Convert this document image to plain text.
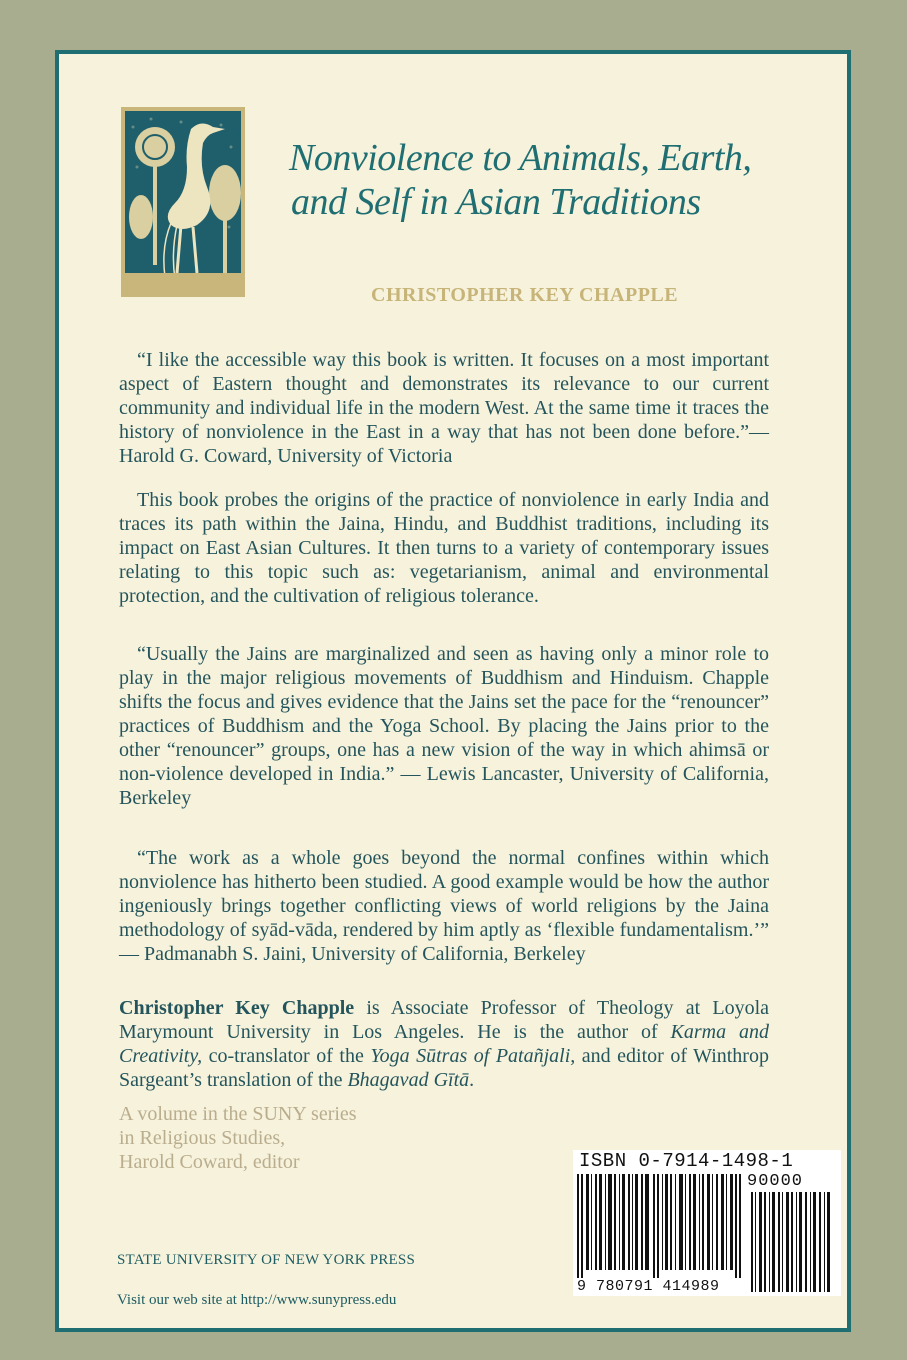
Nonviolence to Animals, Earth,
and Self in Asian Traditions
CHRISTOPHER KEY CHAPPLE

“I like the accessible way this book is written. It focuses on a most important aspect of Eastern thought and demonstrates its relevance to our current community and individual life in the modern West. At the same time it traces the history of nonviolence in the East in a way that has not been done before.”—Harold G. Coward, University of Victoria

This book probes the origins of the practice of nonviolence in early India and traces its path within the Jaina, Hindu, and Buddhist traditions, including its impact on East Asian Cultures. It then turns to a variety of contemporary issues relating to this topic such as: vegetarianism, animal and environmental protection, and the cultivation of religious tolerance.

“Usually the Jains are marginalized and seen as having only a minor role to play in the major religious movements of Buddhism and Hinduism. Chapple shifts the focus and gives evidence that the Jains set the pace for the “renouncer” practices of Buddhism and the Yoga School. By placing the Jains prior to the other “renouncer” groups, one has a new vision of the way in which ahimsā or non-violence developed in India.” — Lewis Lancaster, University of California, Berkeley

“The work as a whole goes beyond the normal confines within which nonviolence has hitherto been studied. A good example would be how the author ingeniously brings together conflicting views of world religions by the Jaina methodology of syād-vāda, rendered by him aptly as ‘flexible fundamentalism.’” — Padmanabh S. Jaini, University of California, Berkeley

Christopher Key Chapple is Associate Professor of Theology at Loyola Marymount University in Los Angeles. He is the author of Karma and Creativity, co-translator of the Yoga Sūtras of Patañjali, and editor of Winthrop Sargeant’s translation of the Bhagavad Gītā.

A volume in the SUNY series
in Religious Studies,
Harold Coward, editor
STATE UNIVERSITY OF NEW YORK PRESS
Visit our web site at http://www.sunypress.edu
ISBN 0-7914-1498-1
90000
9 780791 414989
